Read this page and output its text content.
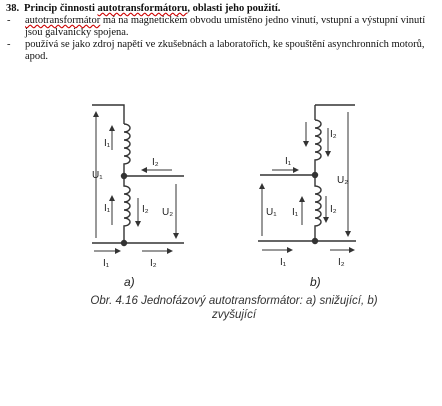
38. Princip činnosti autotransformátoru, oblasti jeho použití.
- autotransformátor má na magnetickém obvodu umístěno jedno vinutí, vstupní a výstupní vinutí jsou galvanicky spojena.
- používá se jako zdroj napětí ve zkušebnách a laboratořích, ke spouštění asynchronních motorů, apod.
I₁
U₁
I₂
I₁	I₂ U₂
I₁	I₂
a)
I₂
U₂
I₁
U₁ I₁	I₂
I₁	I₂
b)
Obr. 4.16 Jednofázový autotransformátor: a) snižující, b) zvyšující
